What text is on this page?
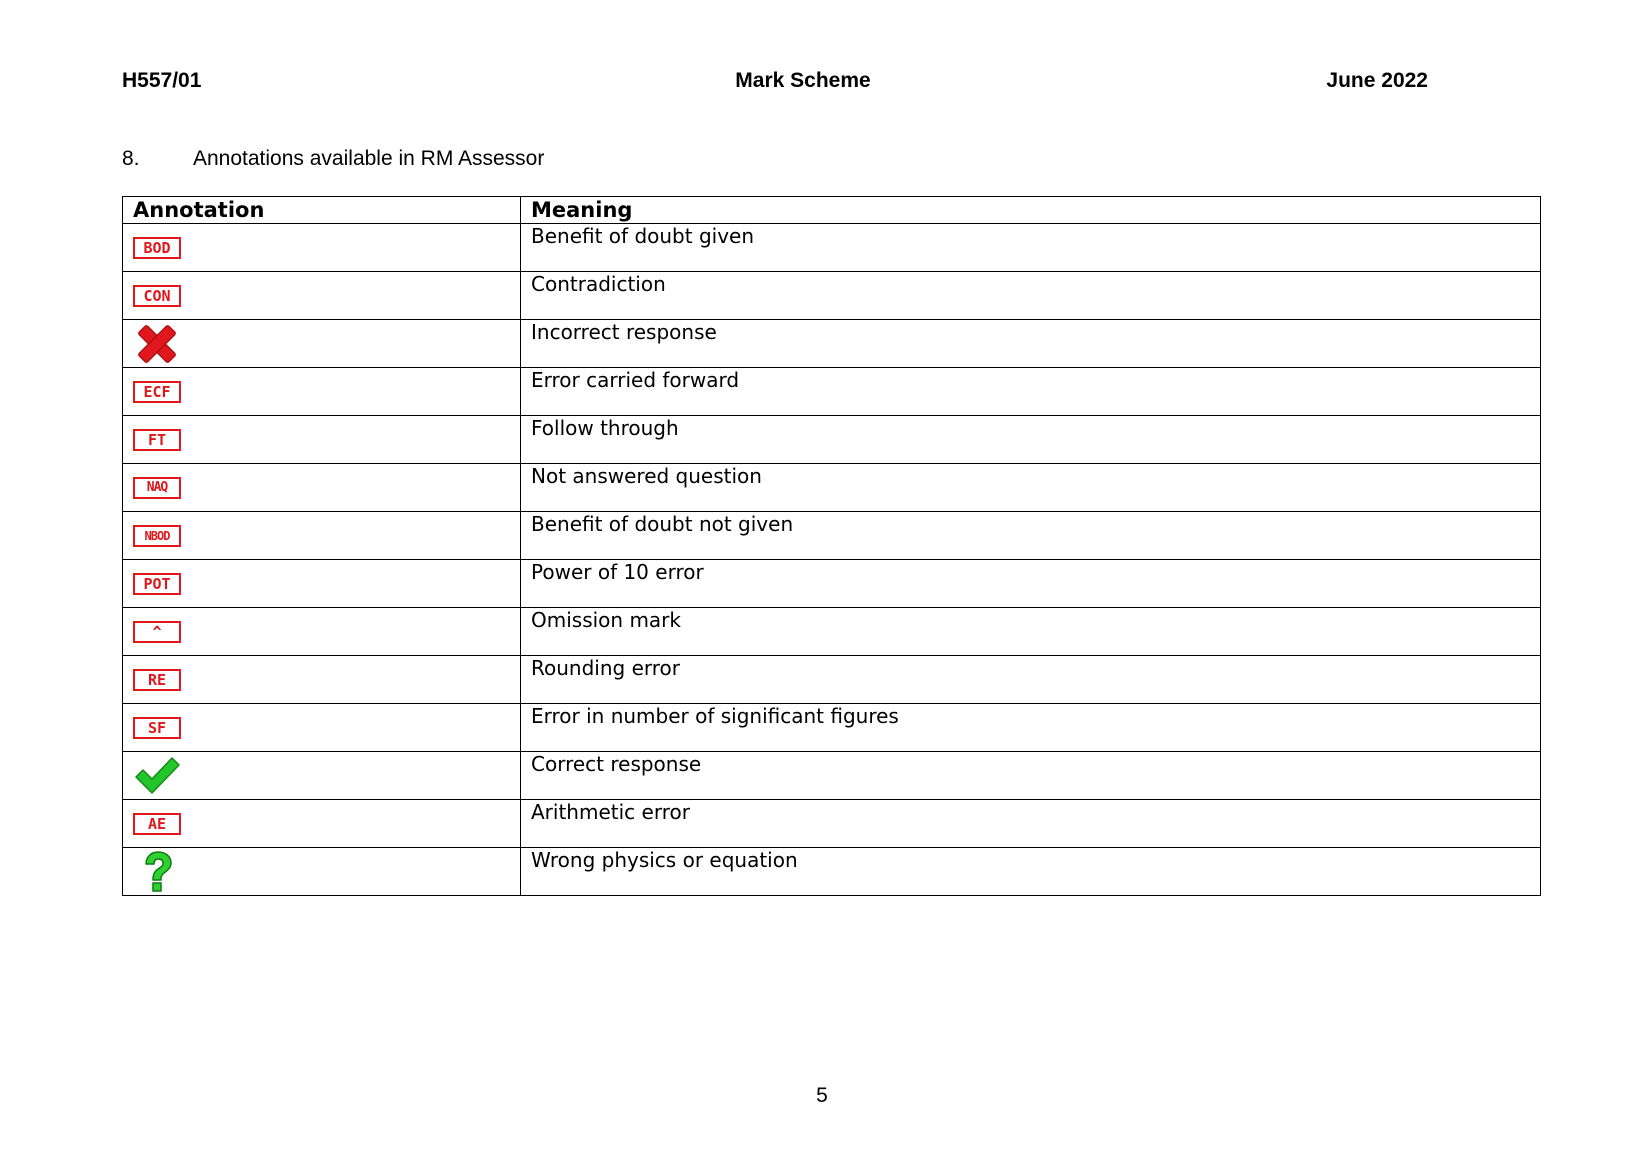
H557/01	Mark Scheme	June 2022
8.	Annotations available in RM Assessor
Annotation	Meaning

BOD	Benefit of doubt given

CON	Contradiction

	Incorrect response

ECF	Error carried forward

FT	Follow through

NAQ	Not answered question

NBOD	Benefit of doubt not given

POT	Power of 10 error

^	Omission mark

RE	Rounding error

SF	Error in number of significant figures

	Correct response

AE	Arithmetic error

	Wrong physics or equation
5
